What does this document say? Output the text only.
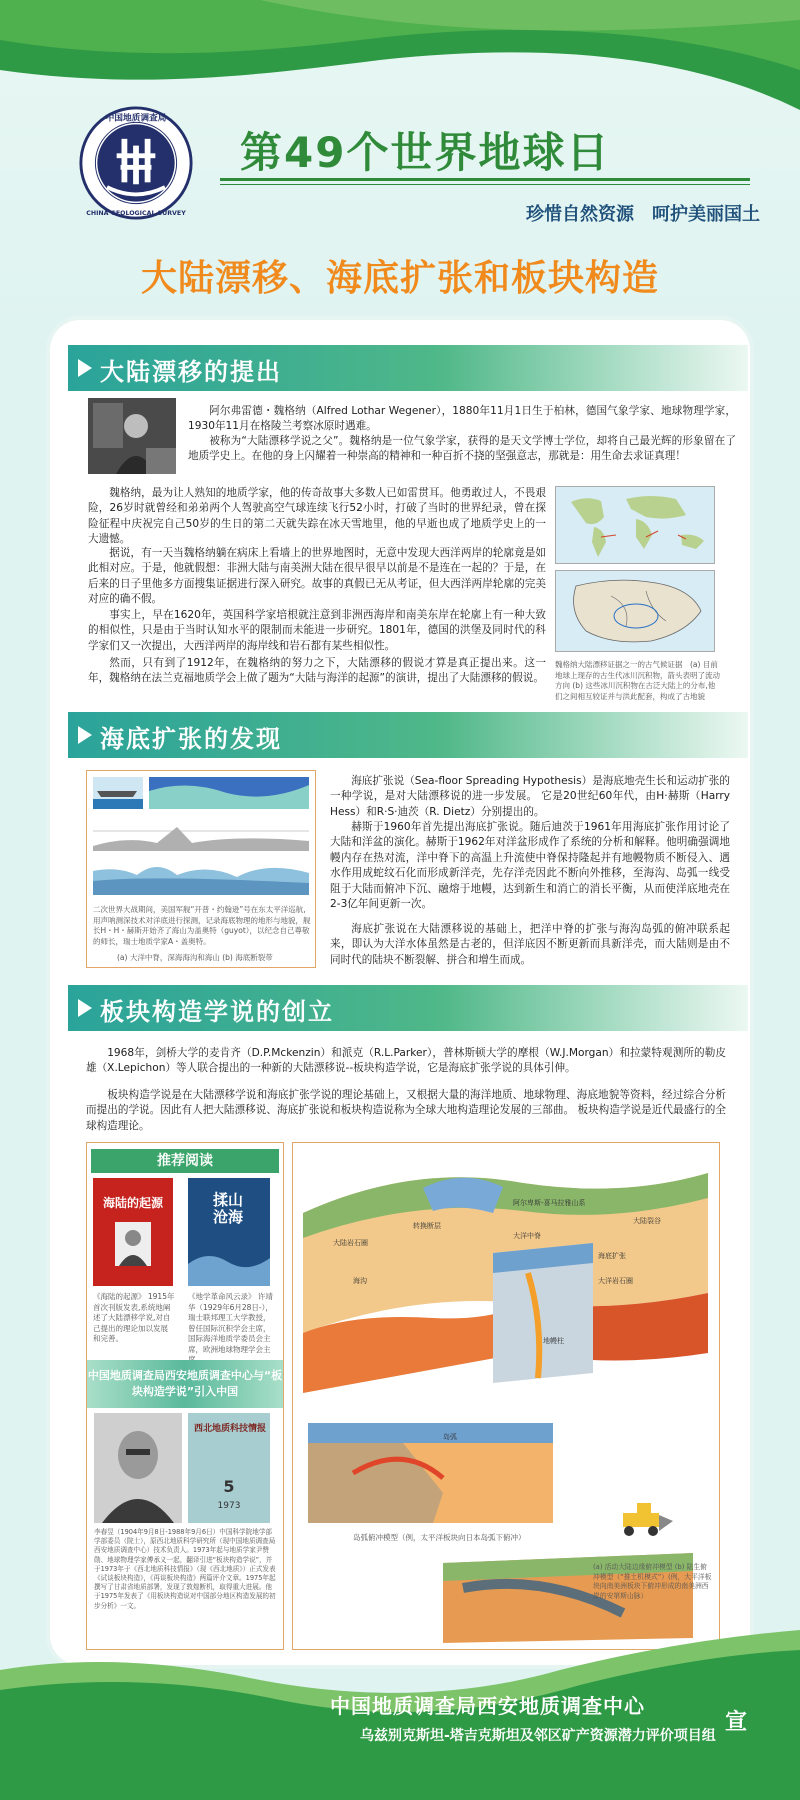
中国地质调查局
CHINA GEOLOGICAL SURVEY
第49个世界地球日
珍惜自然资源　呵护美丽国土
大陆漂移、海底扩张和板块构造
大陆漂移的提出
阿尔弗雷德・魏格纳（Alfred Lothar Wegener），1880年11月1日生于柏林，德国气象学家、地球物理学家，1930年11月在格陵兰考察冰原时遇难。
被称为“大陆漂移学说之父”。魏格纳是一位气象学家，获得的是天文学博士学位，却将自己最光辉的形象留在了地质学史上。在他的身上闪耀着一种崇高的精神和一种百折不挠的坚强意志，那就是：用生命去求证真理！
魏格纳，最为让人熟知的地质学家，他的传奇故事大多数人已如雷贯耳。他勇敢过人，不畏艰险，26岁时就曾经和弟弟两个人驾驶高空气球连续飞行52小时，打破了当时的世界纪录，曾在探险征程中庆祝完自己50岁的生日的第二天就失踪在冰天雪地里，他的早逝也成了地质学史上的一大遗憾。
据说，有一天当魏格纳躺在病床上看墙上的世界地图时，无意中发现大西洋两岸的轮廓竟是如此相对应。于是，他就假想：非洲大陆与南美洲大陆在很早很早以前是不是连在一起的？于是，在后来的日子里他多方面搜集证据进行深入研究。故事的真假已无从考证，但大西洋两岸轮廓的完美对应的确不假。
事实上，早在1620年，英国科学家培根就注意到非洲西海岸和南美东岸在轮廓上有一种大致的相似性，只是由于当时认知水平的限制而未能进一步研究。1801年，德国的洪堡及同时代的科学家们又一次提出，大西洋两岸的海岸线和岩石都有某些相似性。
然而，只有到了1912年，在魏格纳的努力之下，大陆漂移的假说才算是真正提出来。这一年，魏格纳在法兰克福地质学会上做了题为“大陆与海洋的起源”的演讲，提出了大陆漂移的假说。
魏格纳大陆漂移证据之一的古气候证据　(a) 目前地球上现存的古生代冰川沉积物，箭头表明了流动方向 (b) 这些冰川沉积物在古泛大陆上的分布,他们之间相互较证并与洪此配套，构成了古地貌
海底扩张的发现
二次世界大战期间，美国军舰“开普・约翰逊”号在东太平洋巡航,用声呐测深技术对洋底进行探测，记录海底物理的地形与地貌，舰长H・H・赫斯开始齐了海山为盖奥特（guyot），以纪念自己尊敬的师长，瑞士地质学家A・盖奥特。
(a) 大洋中脊，深海海沟和海山 (b) 海底断裂带
海底扩张说（Sea-floor Spreading Hypothesis）是海底地壳生长和运动扩张的一种学说，是对大陆漂移说的进一步发展。 它是20世纪60年代，由H·赫斯（Harry Hess）和R·S·迪茨（R. Dietz）分别提出的。
赫斯于1960年首先提出海底扩张说。随后迪茨于1961年用海底扩张作用讨论了大陆和洋盆的演化。赫斯于1962年对洋盆形成作了系统的分析和解释。他明确强调地幔内存在热对流，洋中脊下的高温上升流使中脊保持隆起并有地幔物质不断侵入、遇水作用成蛇纹石化而形成新洋壳，先存洋壳因此不断向外推移，至海沟、岛弧一线受阻于大陆而俯冲下沉、融熔于地幔，达到新生和消亡的消长平衡，从而使洋底地壳在2-3亿年间更新一次。
海底扩张说在大陆漂移说的基础上，把洋中脊的扩张与海沟岛弧的俯冲联系起来，即认为大洋水体虽然是古老的，但洋底因不断更新而具新洋壳，而大陆则是由不同时代的陆块不断裂解、拼合和增生而成。
板块构造学说的创立
1968年，剑桥大学的麦肯齐（D.P.Mckenzin）和派克（R.L.Parker），普林斯顿大学的摩根（W.J.Morgan）和拉蒙特观测所的勒皮雄（X.Lepichon）等人联合提出的一种新的大陆漂移说--板块构造学说，它是海底扩张学说的具体引伸。
板块构造学说是在大陆漂移学说和海底扩张学说的理论基础上，又根据大量的海洋地质、地球物理、海底地貌等资料，经过综合分析而提出的学说。因此有人把大陆漂移说、海底扩张说和板块构造说称为全球大地构造理论发展的三部曲。 板块构造学说是近代最盛行的全球构造理论。
推荐阅读
海陆的起源	揉山沧海
《海陆的起源》 1915年首次刊版发表,系统地阐述了大陆漂移学说,对自己提出的理论加以发展和完善。
《地学革命风云录》 许靖华（1929年6月28日-），瑞士联邦理工大学教授，曾任国际沉积学会主席，国际海洋地质学委员会主席，欧洲地球物理学会主
中国地质调查局西安地质调查中心与“板块构造学说”引入中国
西北地质科技情报
5
1973
李春昱（1904年9月8日-1988年9月6日）中国科学院地学部学部委员（院士），原西北地质科学研究所（现中国地质调查局西安地质调查中心）技术负责人。1973年起与地质学家尹赞勋、地球物理学家傅承义一起，翻译引进“板块构造学说”，并于1973年于《西北地质科技情报》（现《西北地质》）正式发表《试谈板块构造》，《再谈板块构造》两篇评介文章。1975年起撰写了甘肃省地质部署，发现了敦煌断机，取得重大进展。他于1975年发表了《用板块构造说对中国部分地区构造发展的初步分析》一文。
大陆岩石圈
转换断层
阿尔卑斯-喜马拉雅山系
海沟
大洋中脊
大洋岩石圈
海底扩张
地幔柱
岛弧
大陆裂谷
岛弧俯冲模型（例，太平洋板块向日本岛弧下俯冲）
(a) 活动大陆边缘俯冲模型 (b) 陆生俯冲模型（“推土机模式”）(例，大平洋板块向南美洲板块下俯冲形成的南美洲西岸的安第斯山脉）
中国地质调查局西安地质调查中心
乌兹别克斯坦-塔吉克斯坦及邻区矿产资源潜力评价项目组
宣
